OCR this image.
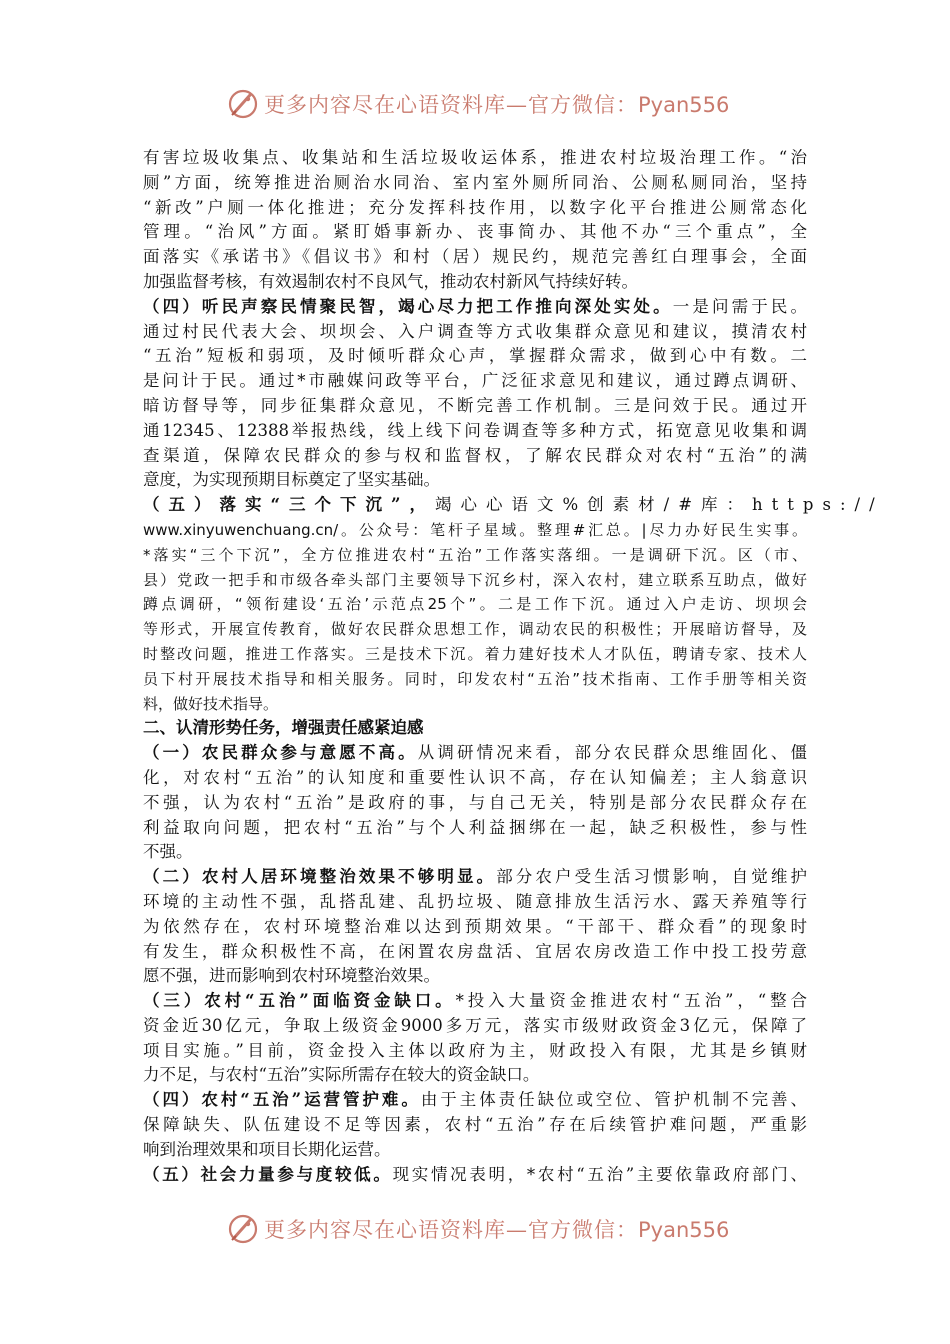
更多内容尽在心语资料库—官方微信：Pyan556
有害垃圾收集点、收集站和生活垃圾收运体系，推进农村垃圾治理工作。“治
厕”方面，统筹推进治厕治水同治、室内室外厕所同治、公厕私厕同治，坚持
“新改”户厕一体化推进；充分发挥科技作用，以数字化平台推进公厕常态化
管理。“治风”方面。紧盯婚事新办、丧事简办、其他不办“三个重点”，全
面落实《承诺书》《倡议书》和村（居）规民约，规范完善红白理事会，全面
加强监督考核，有效遏制农村不良风气，推动农村新风气持续好转。
（四）听民声察民情聚民智，竭心尽力把工作推向深处实处。一是问需于民。
通过村民代表大会、坝坝会、入户调查等方式收集群众意见和建议，摸清农村
“五治”短板和弱项，及时倾听群众心声，掌握群众需求，做到心中有数。二
是问计于民。通过*市融媒问政等平台，广泛征求意见和建议，通过蹲点调研、
暗访督导等，同步征集群众意见，不断完善工作机制。三是问效于民。通过开
通12345、12388举报热线，线上线下问卷调查等多种方式，拓宽意见收集和调
查渠道，保障农民群众的参与权和监督权，了解农民群众对农村“五治”的满
意度，为实现预期目标奠定了坚实基础。
（五）落实“三个下沉”，竭心心语文%创素材/#库：https://
www.xinyuwenchuang.cn/。公众号：笔杆子星域。整理#汇总。|尽力办好民生实事。
*落实“三个下沉”，全方位推进农村“五治”工作落实落细。一是调研下沉。区（市、
县）党政一把手和市级各牵头部门主要领导下沉乡村，深入农村，建立联系互助点，做好
蹲点调研，“领衔建设‘五治’示范点25个”。二是工作下沉。通过入户走访、坝坝会
等形式，开展宣传教育，做好农民群众思想工作，调动农民的积极性；开展暗访督导，及
时整改问题，推进工作落实。三是技术下沉。着力建好技术人才队伍，聘请专家、技术人
员下村开展技术指导和相关服务。同时，印发农村“五治”技术指南、工作手册等相关资
料，做好技术指导。
二、认清形势任务，增强责任感紧迫感
（一）农民群众参与意愿不高。从调研情况来看，部分农民群众思维固化、僵
化，对农村“五治”的认知度和重要性认识不高，存在认知偏差；主人翁意识
不强，认为农村“五治”是政府的事，与自己无关，特别是部分农民群众存在
利益取向问题，把农村“五治”与个人利益捆绑在一起，缺乏积极性，参与性
不强。
（二）农村人居环境整治效果不够明显。部分农户受生活习惯影响，自觉维护
环境的主动性不强，乱搭乱建、乱扔垃圾、随意排放生活污水、露天养殖等行
为依然存在，农村环境整治难以达到预期效果。“干部干、群众看”的现象时
有发生，群众积极性不高，在闲置农房盘活、宜居农房改造工作中投工投劳意
愿不强，进而影响到农村环境整治效果。
（三）农村“五治”面临资金缺口。*投入大量资金推进农村“五治”，“整合
资金近30亿元，争取上级资金9000多万元，落实市级财政资金3亿元，保障了
项目实施。”目前，资金投入主体以政府为主，财政投入有限，尤其是乡镇财
力不足，与农村“五治”实际所需存在较大的资金缺口。
（四）农村“五治”运营管护难。由于主体责任缺位或空位、管护机制不完善、
保障缺失、队伍建设不足等因素，农村“五治”存在后续管护难问题，严重影
响到治理效果和项目长期化运营。
（五）社会力量参与度较低。现实情况表明，*农村“五治”主要依靠政府部门、
更多内容尽在心语资料库—官方微信：Pyan556
